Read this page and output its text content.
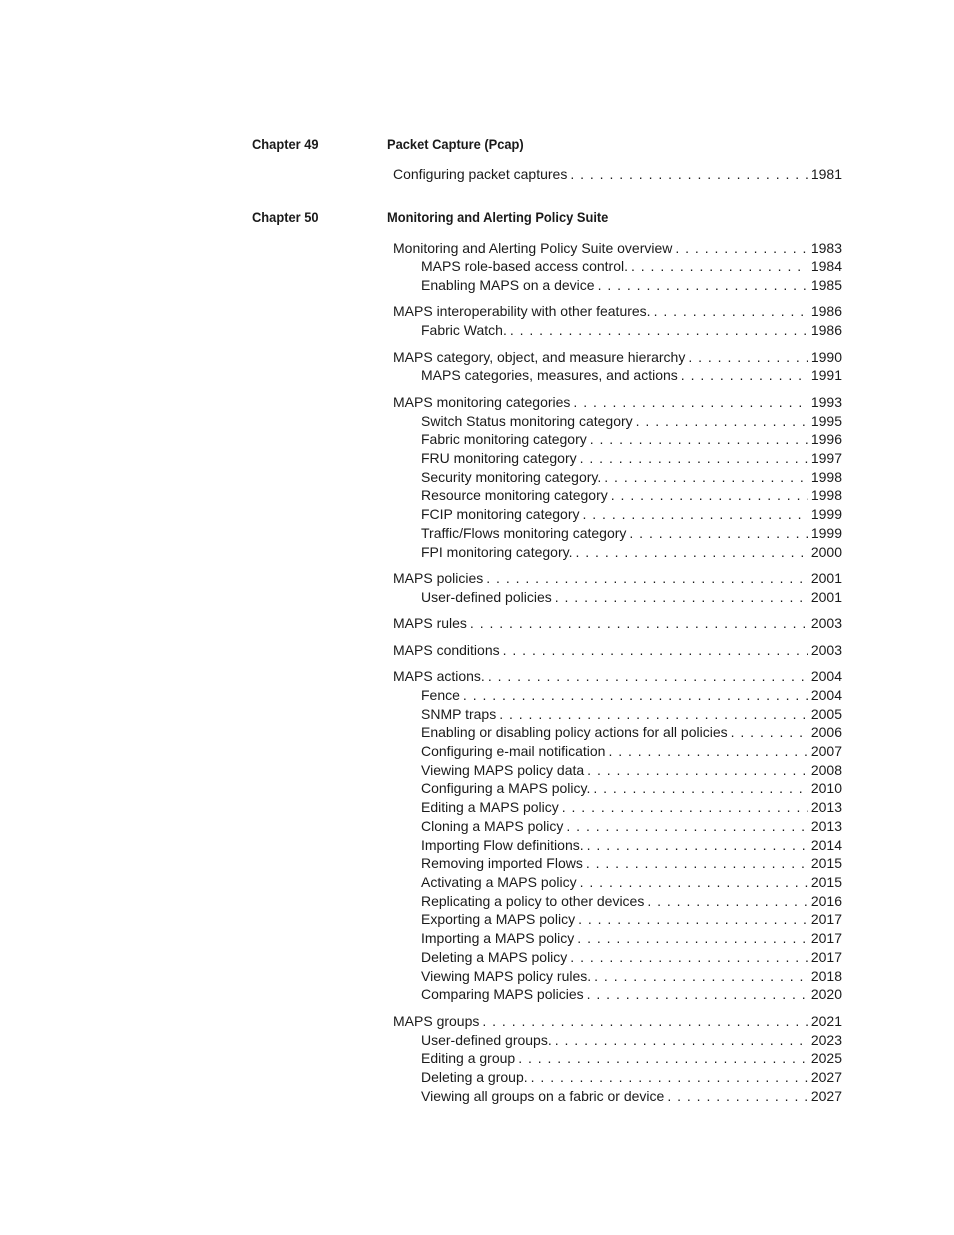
Chapter 49	Packet Capture (Pcap)
Configuring packet captures . . .	1981
Chapter 50	Monitoring and Alerting Policy Suite
Monitoring and Alerting Policy Suite overview . . .	1983
MAPS role-based access control. . . .	1984
Enabling MAPS on a device . . .	1985
MAPS interoperability with other features. . . .	1986
Fabric Watch. . . .	1986
MAPS category, object, and measure hierarchy . . .	1990
MAPS categories, measures, and actions . . .	1991
MAPS monitoring categories . . .	1993
Switch Status monitoring category . . .	1995
Fabric monitoring category . . .	1996
FRU monitoring category . . .	1997
Security monitoring category. . . .	1998
Resource monitoring category . . .	1998
FCIP monitoring category . . .	1999
Traffic/Flows monitoring category . . .	1999
FPI monitoring category. . . .	2000
MAPS policies . . .	2001
User-defined policies . . .	2001
MAPS rules . . .	2003
MAPS conditions . . .	2003
MAPS actions. . . .	2004
Fence . . .	2004
SNMP traps . . .	2005
Enabling or disabling policy actions for all policies . . .	2006
Configuring e-mail notification . . .	2007
Viewing MAPS policy data . . .	2008
Configuring a MAPS policy. . . .	2010
Editing a MAPS policy . . .	2013
Cloning a MAPS policy . . .	2013
Importing Flow definitions. . . .	2014
Removing imported Flows . . .	2015
Activating a MAPS policy . . .	2015
Replicating a policy to other devices . . .	2016
Exporting a MAPS policy . . .	2017
Importing a MAPS policy . . .	2017
Deleting a MAPS policy . . .	2017
Viewing MAPS policy rules. . . .	2018
Comparing MAPS policies . . .	2020
MAPS groups . . .	2021
User-defined groups. . . .	2023
Editing a group . . .	2025
Deleting a group. . . .	2027
Viewing all groups on a fabric or device . . .	2027
